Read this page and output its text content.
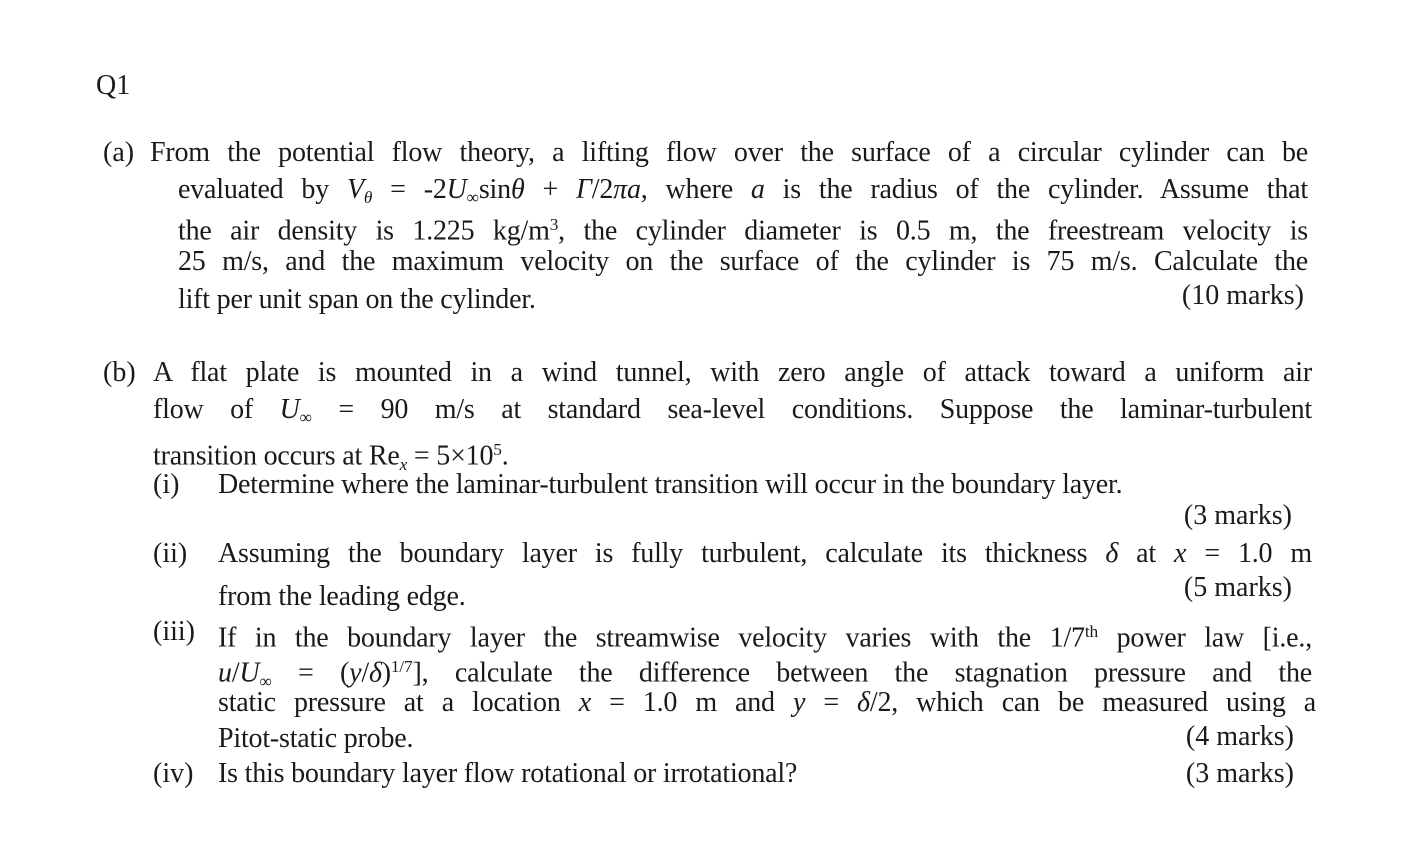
Q1
(a) From the potential flow theory, a lifting flow over the surface of a circular cylinder can be
evaluated by $V\theta = -2U_\infty\sin\theta + \Gamma/2\pi a$, where a is the radius of the cylinder. Assume that
the air density is 1.225 $kg/m^3$, the cylinder diameter is 0.5 m, the freestream velocity is
25 m/s, and the maximum velocity on the surface of the cylinder is 75 m/s. Calculate the
lift per unit span on the cylinder.	(10 marks)
(b) A flat plate is mounted in a wind tunnel, with zero angle of attack toward a uniform air
flow of $U_\infty = 90$ m/s at standard sea-level conditions. Suppose the laminar-turbulent
transition occurs at Rex = $5\times 10^5$.
(i) Determine where the laminar-turbulent transition will occur in the boundary layer.
(3 marks)
(ii) Assuming the boundary layer is fully turbulent, calculate its thickness δ at x = 1.0 m
from the leading edge.	(5 marks)
(iii) If in the boundary layer the streamwise velocity varies with the 1/7th power law [i.e.,
$u/U_\infty = (y/\delta)^{1/7}$], calculate the difference between the stagnation pressure and the
static pressure at a location x = 1.0 m and y = δ/2, which can be measured using a
Pitot-static probe.	(4 marks)
(iv) Is this boundary layer flow rotational or irrotational?	(3 marks)
